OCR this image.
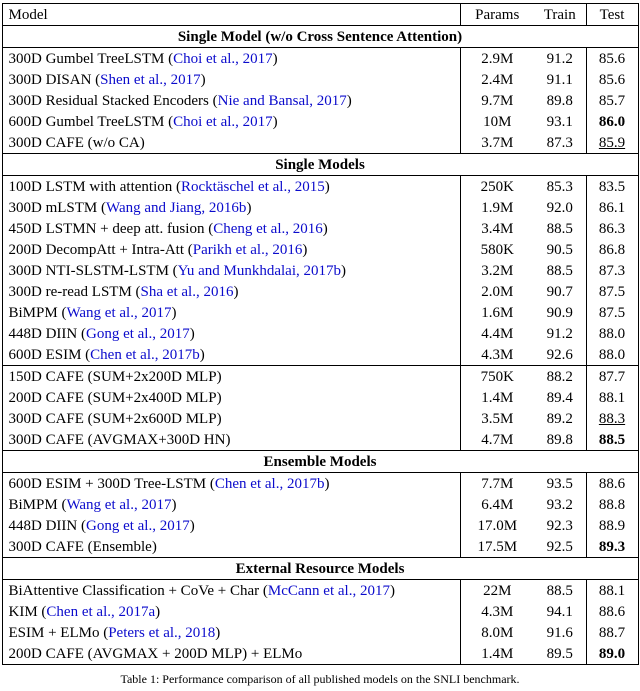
Model	Params	Train	Test
Single Model (w/o Cross Sentence Attention)			
300D Gumbel TreeLSTM (Choi et al., 2017)	2.9M	91.2	85.6
300D DISAN (Shen et al., 2017)	2.4M	91.1	85.6
300D Residual Stacked Encoders (Nie and Bansal, 2017)	9.7M	89.8	85.7
600D Gumbel TreeLSTM (Choi et al., 2017)	10M	93.1	86.0
300D CAFE (w/o CA)	3.7M	87.3	85.9
Single Models			
100D LSTM with attention (Rocktäschel et al., 2015)	250K	85.3	83.5
300D mLSTM (Wang and Jiang, 2016b)	1.9M	92.0	86.1
450D LSTMN + deep att. fusion (Cheng et al., 2016)	3.4M	88.5	86.3
200D DecompAtt + Intra-Att (Parikh et al., 2016)	580K	90.5	86.8
300D NTI-SLSTM-LSTM (Yu and Munkhdalai, 2017b)	3.2M	88.5	87.3
300D re-read LSTM (Sha et al., 2016)	2.0M	90.7	87.5
BiMPM (Wang et al., 2017)	1.6M	90.9	87.5
448D DIIN (Gong et al., 2017)	4.4M	91.2	88.0
600D ESIM (Chen et al., 2017b)	4.3M	92.6	88.0
150D CAFE (SUM+2x200D MLP)	750K	88.2	87.7
200D CAFE (SUM+2x400D MLP)	1.4M	89.4	88.1
300D CAFE (SUM+2x600D MLP)	3.5M	89.2	88.3
300D CAFE (AVGMAX+300D HN)	4.7M	89.8	88.5
Ensemble Models			
600D ESIM + 300D Tree-LSTM (Chen et al., 2017b)	7.7M	93.5	88.6
BiMPM (Wang et al., 2017)	6.4M	93.2	88.8
448D DIIN (Gong et al., 2017)	17.0M	92.3	88.9
300D CAFE (Ensemble)	17.5M	92.5	89.3
External Resource Models			
BiAttentive Classification + CoVe + Char (McCann et al., 2017)	22M	88.5	88.1
KIM (Chen et al., 2017a)	4.3M	94.1	88.6
ESIM + ELMo (Peters et al., 2018)	8.0M	91.6	88.7
200D CAFE (AVGMAX + 200D MLP) + ELMo	1.4M	89.5	89.0
Table 1: Performance comparison of all published models on the SNLI benchmark.
